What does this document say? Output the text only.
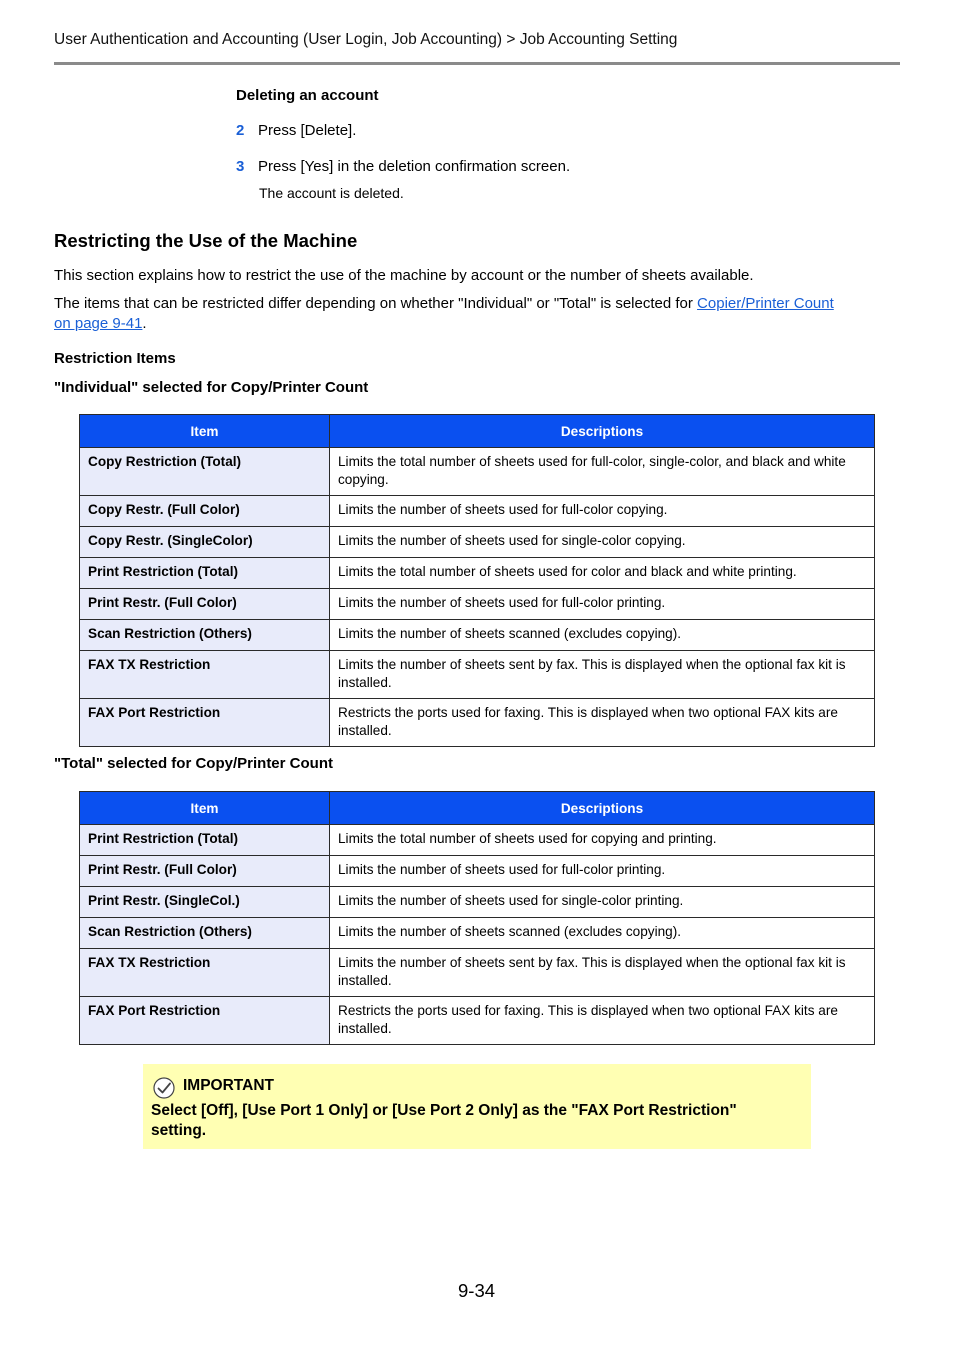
User Authentication and Accounting (User Login, Job Accounting) > Job Accounting Setting
Deleting an account
2 Press [Delete].
3 Press [Yes] in the deletion confirmation screen.
The account is deleted.
Restricting the Use of the Machine
This section explains how to restrict the use of the machine by account or the number of sheets available.
The items that can be restricted differ depending on whether "Individual" or "Total" is selected for Copier/Printer Count
on page 9-41.
Restriction Items
"Individual" selected for Copy/Printer Count
Item	Descriptions
Copy Restriction (Total)	Limits the total number of sheets used for full-color, single-color, and black and white copying.
Copy Restr. (Full Color)	Limits the number of sheets used for full-color copying.
Copy Restr. (SingleColor)	Limits the number of sheets used for single-color copying.
Print Restriction (Total)	Limits the total number of sheets used for color and black and white printing.
Print Restr. (Full Color)	Limits the number of sheets used for full-color printing.
Scan Restriction (Others)	Limits the number of sheets scanned (excludes copying).
FAX TX Restriction	Limits the number of sheets sent by fax. This is displayed when the optional fax kit is installed.
FAX Port Restriction	Restricts the ports used for faxing. This is displayed when two optional FAX kits are installed.
"Total" selected for Copy/Printer Count
Item	Descriptions
Print Restriction (Total)	Limits the total number of sheets used for copying and printing.
Print Restr. (Full Color)	Limits the number of sheets used for full-color printing.
Print Restr. (SingleCol.)	Limits the number of sheets used for single-color printing.
Scan Restriction (Others)	Limits the number of sheets scanned (excludes copying).
FAX TX Restriction	Limits the number of sheets sent by fax. This is displayed when the optional fax kit is installed.
FAX Port Restriction	Restricts the ports used for faxing. This is displayed when two optional FAX kits are installed.
IMPORTANT
Select [Off], [Use Port 1 Only] or [Use Port 2 Only] as the "FAX Port Restriction" setting.
9-34
